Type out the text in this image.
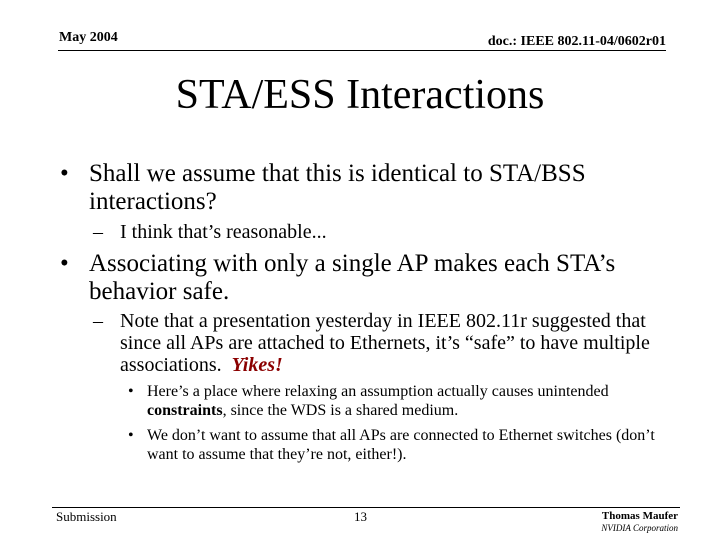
May 2004	doc.: IEEE 802.11-04/0602r01
STA/ESS Interactions
• Shall we assume that this is identical to STA/BSS interactions?
– I think that’s reasonable...
• Associating with only a single AP makes each STA’s behavior safe.
– Note that a presentation yesterday in IEEE 802.11r suggested that since all APs are attached to Ethernets, it’s “safe” to have multiple associations. Yikes!
• Here’s a place where relaxing an assumption actually causes unintended constraints, since the WDS is a shared medium.
• We don’t want to assume that all APs are connected to Ethernet switches (don’t want to assume that they’re not, either!).
Submission	13	Thomas Maufer
NVIDIA Corporation
